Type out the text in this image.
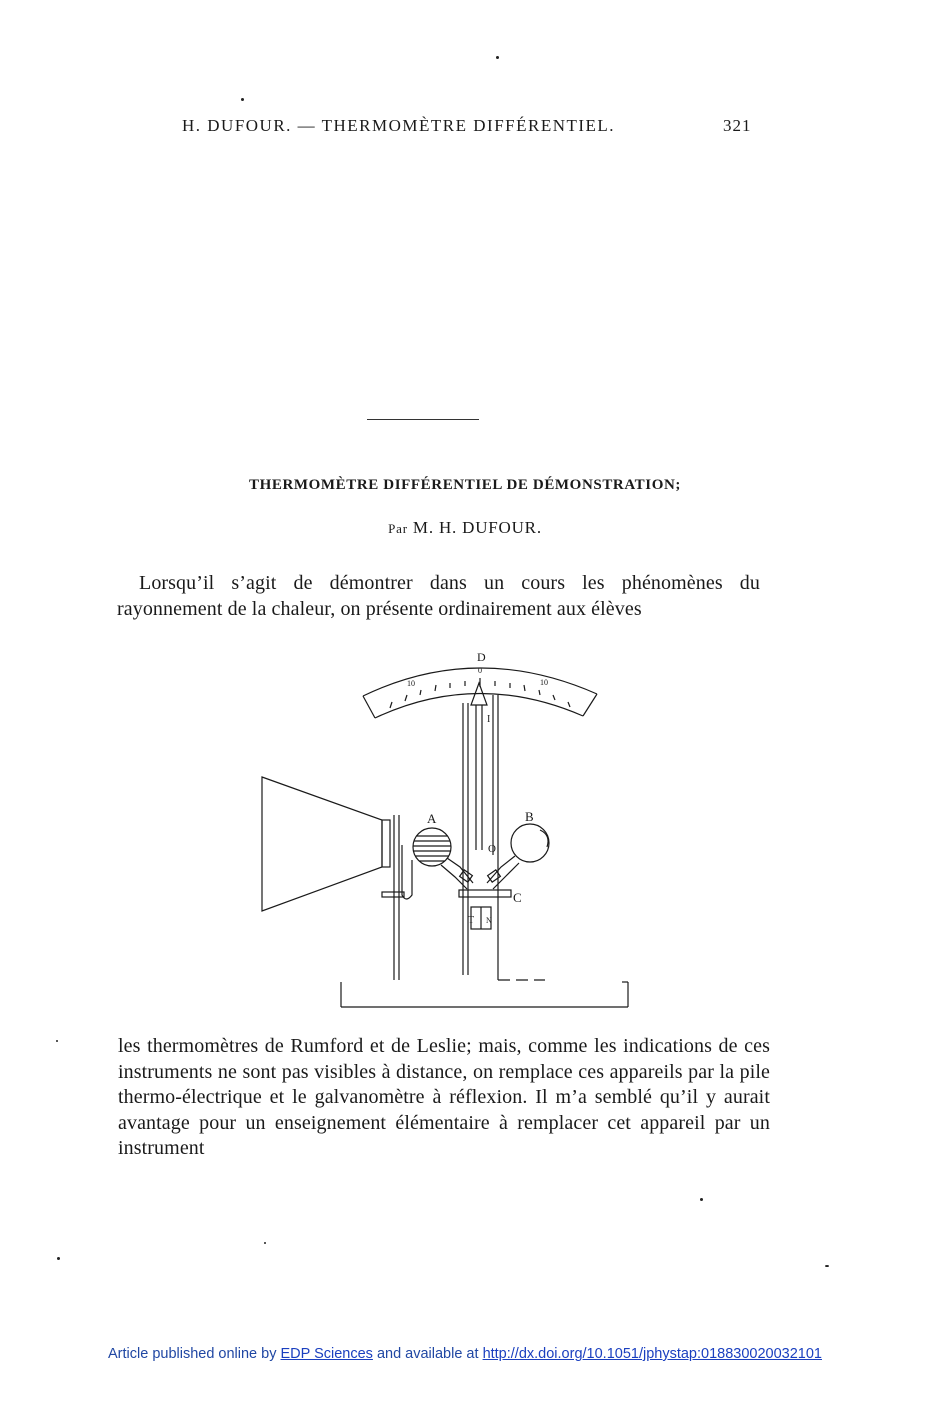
H. DUFOUR. — THERMOMÈTRE DIFFÉRENTIEL.	321
THERMOMÈTRE DIFFÉRENTIEL DE DÉMONSTRATION;
Par M. H. DUFOUR.
Lorsqu’il s’agit de démontrer dans un cours les phénomènes du rayonnement de la chaleur, on présente ordinairement aux élèves
D
0
10	10
I
A	B
O
C
T N
les thermomètres de Rumford et de Leslie; mais, comme les indications de ces instruments ne sont pas visibles à distance, on remplace ces appareils par la pile thermo-électrique et le galvanomètre à réflexion. Il m’a semblé qu’il y aurait avantage pour un enseignement élémentaire à remplacer cet appareil par un instrument
Article published online by EDP Sciences and available at http://dx.doi.org/10.1051/jphystap:018830020032101
